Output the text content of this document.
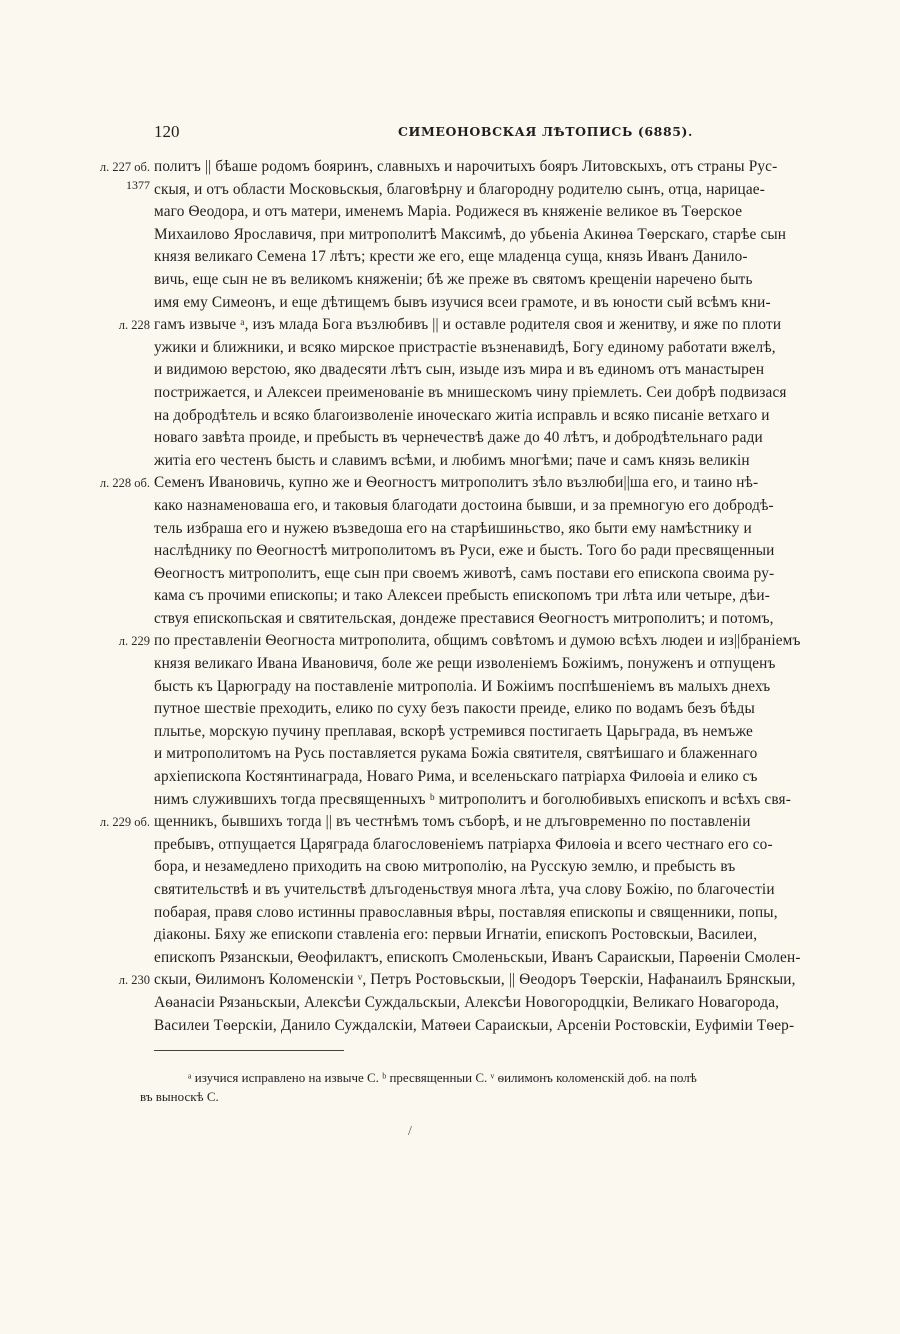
120	СИМЕОНОВСКАЯ ЛѢТОПИСЬ (6885).
л. 227 об. политъ || бѣаше родомъ бояринъ, славныхъ и нарочитыхъ бояръ Литовскыхъ, отъ страны Рус-
1377 скыя, и отъ области Московьскыя, благовѣрну и благородну родителю сынъ, отца, нарицае-
маго Ѳеодора, и отъ матери, именемъ Маріа. Родижеся въ княженіе великое въ Тѳерское
Михаилово Ярославичя, при митрополитѣ Максимѣ, до убьеніа Акинѳа Тѳерскаго, старѣе сын
князя великаго Семена 17 лѣтъ; крести же его, еще младенца суща, князь Иванъ Данило-
вичь, еще сын не въ великомъ княженіи; бѣ же преже въ святомъ крещеніи наречено быть
имя ему Симеонъ, и еще дѣтищемъ бывъ изучися всеи грамоте, и въ юности сый всѣмъ кни-
л. 228 гамъ извыче ᵃ, изъ млада Бога възлюбивъ || и оставле родителя своя и женитву, и яже по плоти
ужики и ближники, и всяко мирское пристрастіе възненавидѣ, Богу единому работати вжелѣ,
и видимою верстою, яко двадесяти лѣтъ сын, изыде изъ мира и въ единомъ отъ манастырен
пострижается, и Алексеи преименованіе въ мнишескомъ чину пріемлеть. Сеи добрѣ подвизася
на добродѣтель и всяко благоизволеніе иноческаго житіа исправль и всяко писаніе ветхаго и
новаго завѣта проиде, и пребысть въ чернечествѣ даже до 40 лѣтъ, и добродѣтельнаго ради
житіа его честенъ бысть и славимъ всѣми, и любимъ многѣми; паче и самъ князь великін
л. 228 об. Семенъ Ивановичь, купно же и Ѳеогностъ митрополитъ зѣло възлюби||ша его, и таино нѣ-
како назнаменоваша его, и таковыя благодати достоина бывши, и за премногую его добродѣ-
тель избраша его и нужею възведоша его на старѣишиньство, яко быти ему намѣстнику и
наслѣднику по Ѳеогностѣ митрополитомъ въ Руси, еже и бысть. Того бо ради пресвященныи
Ѳеогностъ митрополитъ, еще сын при своемъ животѣ, самъ постави его епископа своима ру-
кама съ прочими епископы; и тако Алексеи пребысть епископомъ три лѣта или четыре, дѣи-
ствуя епископьская и святительская, дондеже преставися Ѳеогностъ митрополитъ; и потомъ,
л. 229 по преставленіи Ѳеогноста митрополита, общимъ совѣтомъ и думою всѣхъ людеи и из||браніемъ
князя великаго Ивана Ивановичя, боле же рещи изволеніемъ Божіимъ, понуженъ и отпущенъ
бысть къ Царюграду на поставленіе митрополіа. И Божіимъ поспѣшеніемъ въ малыхъ днехъ
путное шествіе преходить, елико по суху безъ пакости преиде, елико по водамъ безъ бѣды
плытье, морскую пучину преплавая, вскорѣ устремився постигаеть Царьграда, въ немъже
и митрополитомъ на Русь поставляется рукама Божіа святителя, святѣишаго и блаженнаго
архіепископа Костянтинаграда, Новаго Рима, и вселеньскаго патріарха Филоѳіа и елико съ
нимъ служившихъ тогда пресвященныхъ ᵇ митрополитъ и боголюбивыхъ епископъ и всѣхъ свя-
л. 229 об. щенникъ, бывшихъ тогда || въ честнѣмъ томъ съборѣ, и не длъговременно по поставленіи
пребывъ, отпущается Царяграда благословеніемъ патріарха Филоѳіа и всего честнаго его со-
бора, и незамедлено приходить на свою митрополію, на Русскую землю, и пребысть въ
святительствѣ и въ учительствѣ длъгоденьствуя многа лѣта, уча слову Божію, по благочестіи
побарая, правя слово истинны православныя вѣры, поставляя епископы и священники, попы,
діаконы. Бяху же епископи ставленіа его: первыи Игнатіи, епископъ Ростовскыи, Василеи,
епископъ Рязанскыи, Ѳеофилактъ, епископъ Смоленьскыи, Иванъ Сараискыи, Парѳеніи Смолен-
л. 230 скыи, Ѳилимонъ Коломенскіи ᵛ, Петръ Ростовьскыи, || Ѳеодоръ Тѳерскіи, Нафанаилъ Брянскыи,
Аѳанасіи Рязаньскыи, Алексѣи Суждальскыи, Алексѣи Новогородцкіи, Великаго Новагорода,
Василеи Тѳерскіи, Данило Суждалскіи, Матѳеи Сараискыи, Арсеніи Ростовскіи, Еуфиміи Тѳер-
ᵃ изучися исправлено на извыче С. ᵇ пресвященныи С. ᵛ ѳилимонъ коломенскій доб. на полѣ
въ выноскѣ С.
/
